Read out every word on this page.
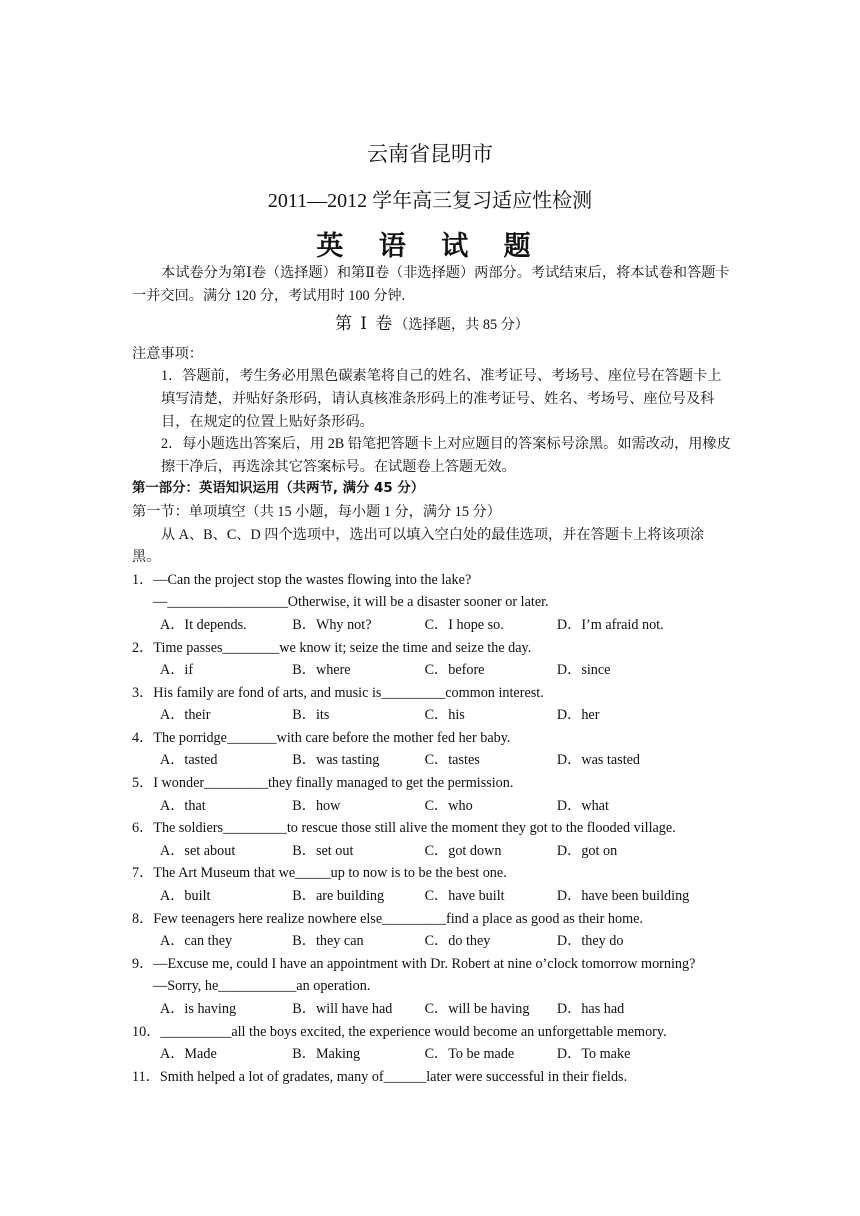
云南省昆明市
2011—2012 学年高三复习适应性检测
英 语 试 题

本试卷分为第Ⅰ卷（选择题）和第Ⅱ卷（非选择题）两部分。考试结束后，将本试卷和答题卡一并交回。满分 120 分，考试用时 100 分钟.

第 Ⅰ 卷（选择题，共 85 分）

注意事项：

1．答题前，考生务必用黑色碳素笔将自己的姓名、准考证号、考场号、座位号在答题卡上填写清楚，并贴好条形码，请认真核准条形码上的准考证号、姓名、考场号、座位号及科目，在规定的位置上贴好条形码。

2．每小题选出答案后，用 2B 铅笔把答题卡上对应题目的答案标号涂黑。如需改动，用橡皮擦干净后，再选涂其它答案标号。在试题卷上答题无效。

第一部分：英语知识运用（共两节, 满分 45 分）

第一节：单项填空（共 15 小题，每小题 1 分，满分 15 分）

从 A、B、C、D 四个选项中，选出可以填入空白处的最佳选项，并在答题卡上将该项涂黑。

1．—Can the project stop the wastes flowing into the lake?

—_________________Otherwise, it will be a disaster sooner or later.

A．It depends.	B．Why not?	C．I hope so.	D．I’m afraid not.

2．Time passes________we know it; seize the time and seize the day.

A．if	B．where	C．before	D．since

3．His family are fond of arts, and music is_________common interest.

A．their	B．its	C．his	D．her

4．The porridge_______with care before the mother fed her baby.

A．tasted	B．was tasting	C．tastes	D．was tasted

5．I wonder_________they finally managed to get the permission.

A．that	B．how	C．who	D．what

6．The soldiers_________to rescue those still alive the moment they got to the flooded village.

A．set about	B．set out	C．got down	D．got on

7．The Art Museum that we_____up to now is to be the best one.

A．built	B．are building	C．have built	D．have been building

8．Few teenagers here realize nowhere else_________find a place as good as their home.

A．can they	B．they can	C．do they	D．they do

9．—Excuse me, could I have an appointment with Dr. Robert at nine o’clock tomorrow morning?

—Sorry, he___________an operation.

A．is having	B．will have had	C．will be having	D．has had

10．__________all the boys excited, the experience would become an unforgettable memory.

A．Made	B．Making	C．To be made	D．To make

11．Smith helped a lot of gradates, many of______later were successful in their fields.
